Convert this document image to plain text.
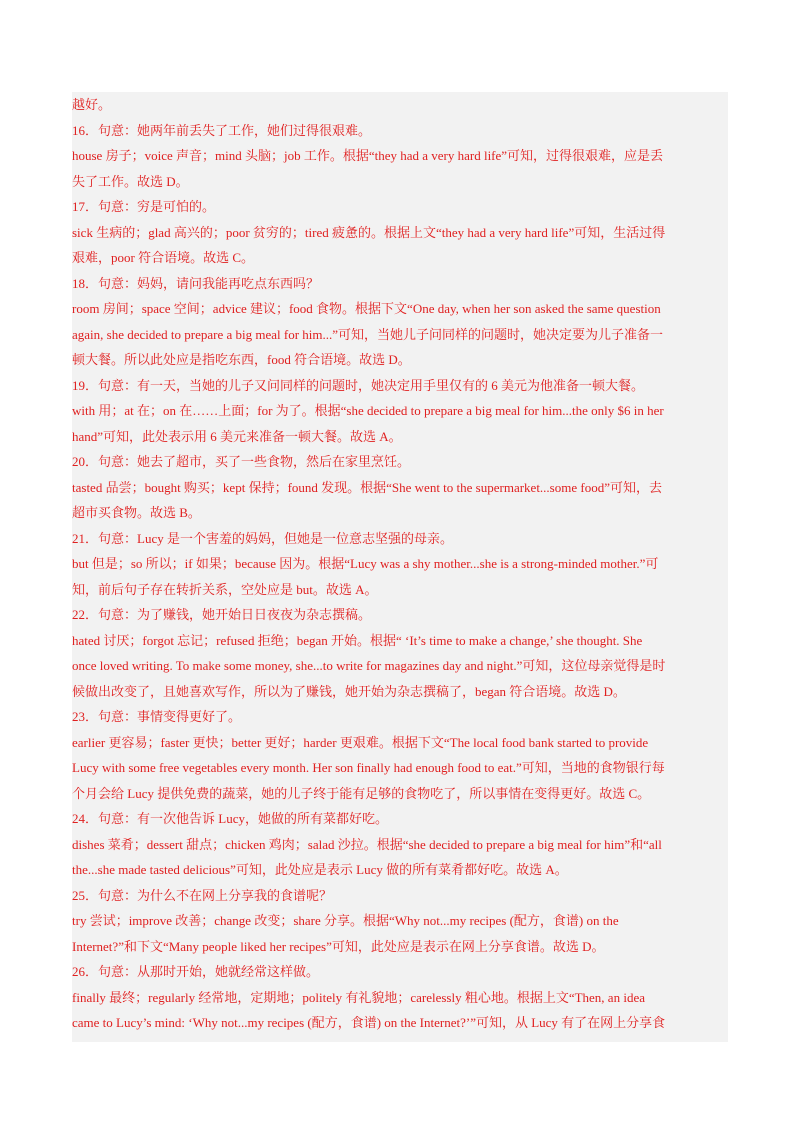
越好。

16．句意：她两年前丢失了工作，她们过得很艰难。

house 房子；voice 声音；mind 头脑；job 工作。根据“they had a very hard life”可知，过得很艰难，应是丢

失了工作。故选 D。

17．句意：穷是可怕的。

sick 生病的；glad 高兴的；poor 贫穷的；tired 疲惫的。根据上文“they had a very hard life”可知，生活过得

艰难，poor 符合语境。故选 C。

18．句意：妈妈，请问我能再吃点东西吗？

room 房间；space 空间；advice 建议；food 食物。根据下文“One day, when her son asked the same question

again, she decided to prepare a big meal for him...”可知，当她儿子问同样的问题时，她决定要为儿子准备一

顿大餐。所以此处应是指吃东西，food 符合语境。故选 D。

19．句意：有一天，当她的儿子又问同样的问题时，她决定用手里仅有的 6 美元为他准备一顿大餐。

with 用；at 在；on 在……上面；for 为了。根据“she decided to prepare a big meal for him...the only $6 in her

hand”可知，此处表示用 6 美元来准备一顿大餐。故选 A。

20．句意：她去了超市，买了一些食物，然后在家里烹饪。

tasted 品尝；bought 购买；kept 保持；found 发现。根据“She went to the supermarket...some food”可知，去

超市买食物。故选 B。

21．句意：Lucy 是一个害羞的妈妈，但她是一位意志坚强的母亲。

but 但是；so 所以；if 如果；because 因为。根据“Lucy was a shy mother...she is a strong-minded mother.”可

知，前后句子存在转折关系，空处应是 but。故选 A。

22．句意：为了赚钱，她开始日日夜夜为杂志撰稿。

hated 讨厌；forgot 忘记；refused 拒绝；began 开始。根据“ ‘It’s time to make a change,’ she thought. She

once loved writing. To make some money, she...to write for magazines day and night.”可知，这位母亲觉得是时

候做出改变了，且她喜欢写作，所以为了赚钱，她开始为杂志撰稿了，began 符合语境。故选 D。

23．句意：事情变得更好了。

earlier 更容易；faster 更快；better 更好；harder 更艰难。根据下文“The local food bank started to provide

Lucy with some free vegetables every month. Her son finally had enough food to eat.”可知，当地的食物银行每

个月会给 Lucy 提供免费的蔬菜，她的儿子终于能有足够的食物吃了，所以事情在变得更好。故选 C。

24．句意：有一次他告诉 Lucy，她做的所有菜都好吃。

dishes 菜肴；dessert 甜点；chicken 鸡肉；salad 沙拉。根据“she decided to prepare a big meal for him”和“all

the...she made tasted delicious”可知，此处应是表示 Lucy 做的所有菜肴都好吃。故选 A。

25．句意：为什么不在网上分享我的食谱呢？

try 尝试；improve 改善；change 改变；share 分享。根据“Why not...my recipes (配方，食谱) on the

Internet?”和下文“Many people liked her recipes”可知，此处应是表示在网上分享食谱。故选 D。

26．句意：从那时开始，她就经常这样做。

finally 最终；regularly 经常地，定期地；politely 有礼貌地；carelessly 粗心地。根据上文“Then, an idea

came to Lucy’s mind: ‘Why not...my recipes (配方，食谱) on the Internet?’”可知，从 Lucy 有了在网上分享食
